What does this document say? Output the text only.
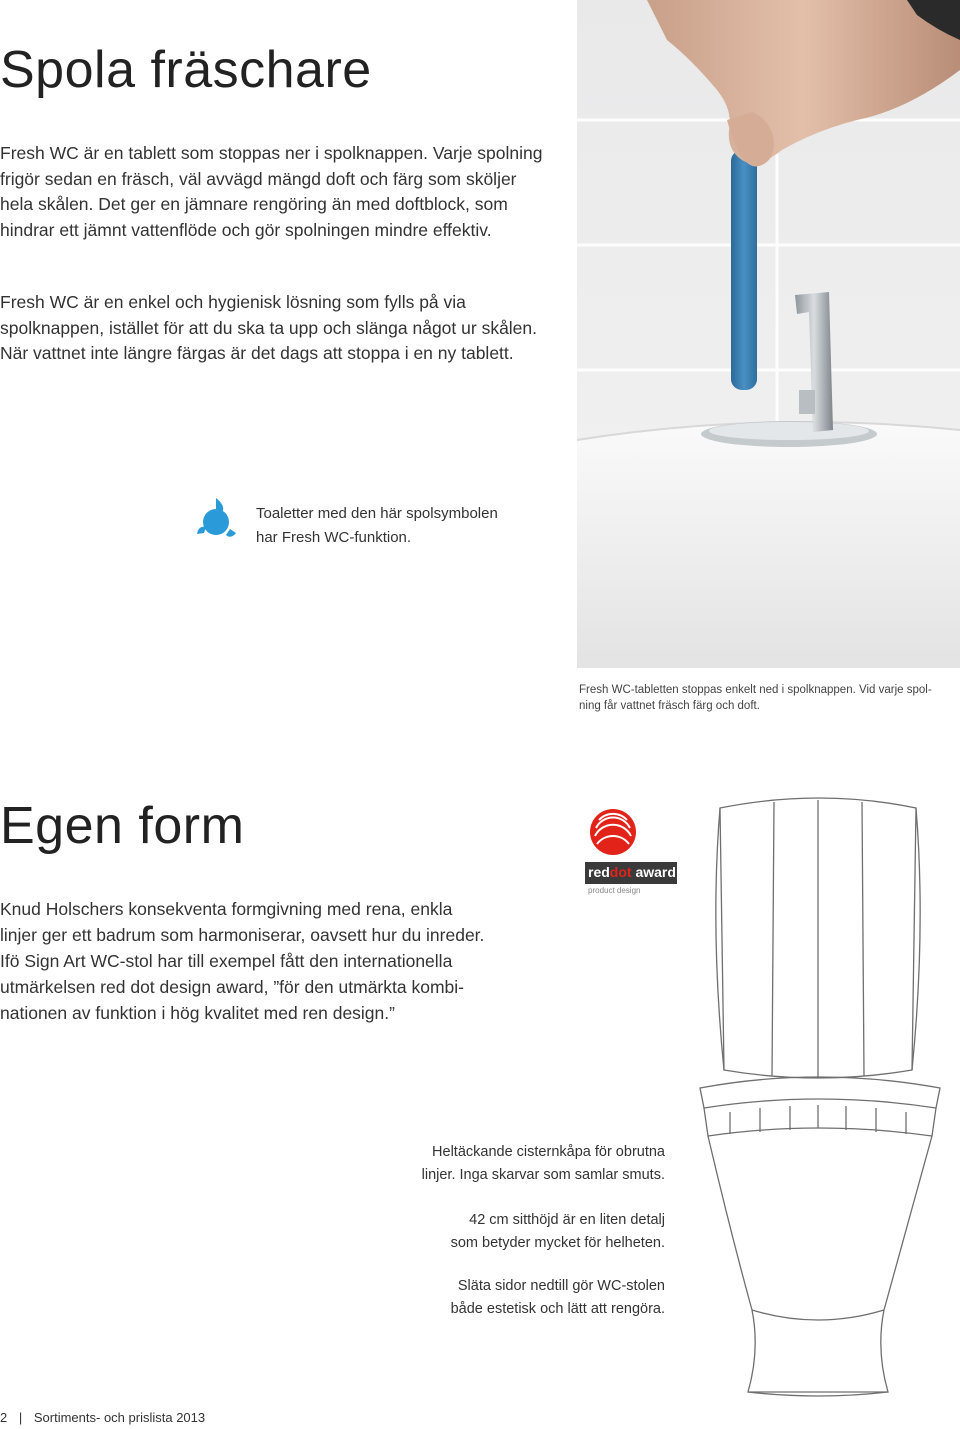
Spola fräschare
Fresh WC är en tablett som stoppas ner i spolknappen. Varje spolning frigör sedan en fräsch, väl avvägd mängd doft och färg som sköljer hela skålen. Det ger en jämnare rengöring än med doftblock, som hindrar ett jämnt vattenflöde och gör spolningen mindre effektiv.
Fresh WC är en enkel och hygienisk lösning som fylls på via spolknappen, istället för att du ska ta upp och slänga något ur skålen. När vattnet inte längre färgas är det dags att stoppa i en ny tablett.
Toaletter med den här spolsymbolen
har Fresh WC-funktion.
Fresh WC-tabletten stoppas enkelt ned i spolknappen. Vid varje spol-
ning får vattnet fräsch färg och doft.
Egen form
Knud Holschers konsekventa formgivning med rena, enkla
linjer ger ett badrum som harmoniserar, oavsett hur du inreder.
Ifö Sign Art WC-stol har till exempel fått den internationella
utmärkelsen red dot design award, ”för den utmärkta kombi-
nationen av funktion i hög kvalitet med ren design.”
reddot award
product design
Heltäckande cisternkåpa för obrutna
linjer. Inga skarvar som samlar smuts.
42 cm sitthöjd är en liten detalj
som betyder mycket för helheten.
Släta sidor nedtill gör WC-stolen
både estetisk och lätt att rengöra.
2 | Sortiments- och prislista 2013
